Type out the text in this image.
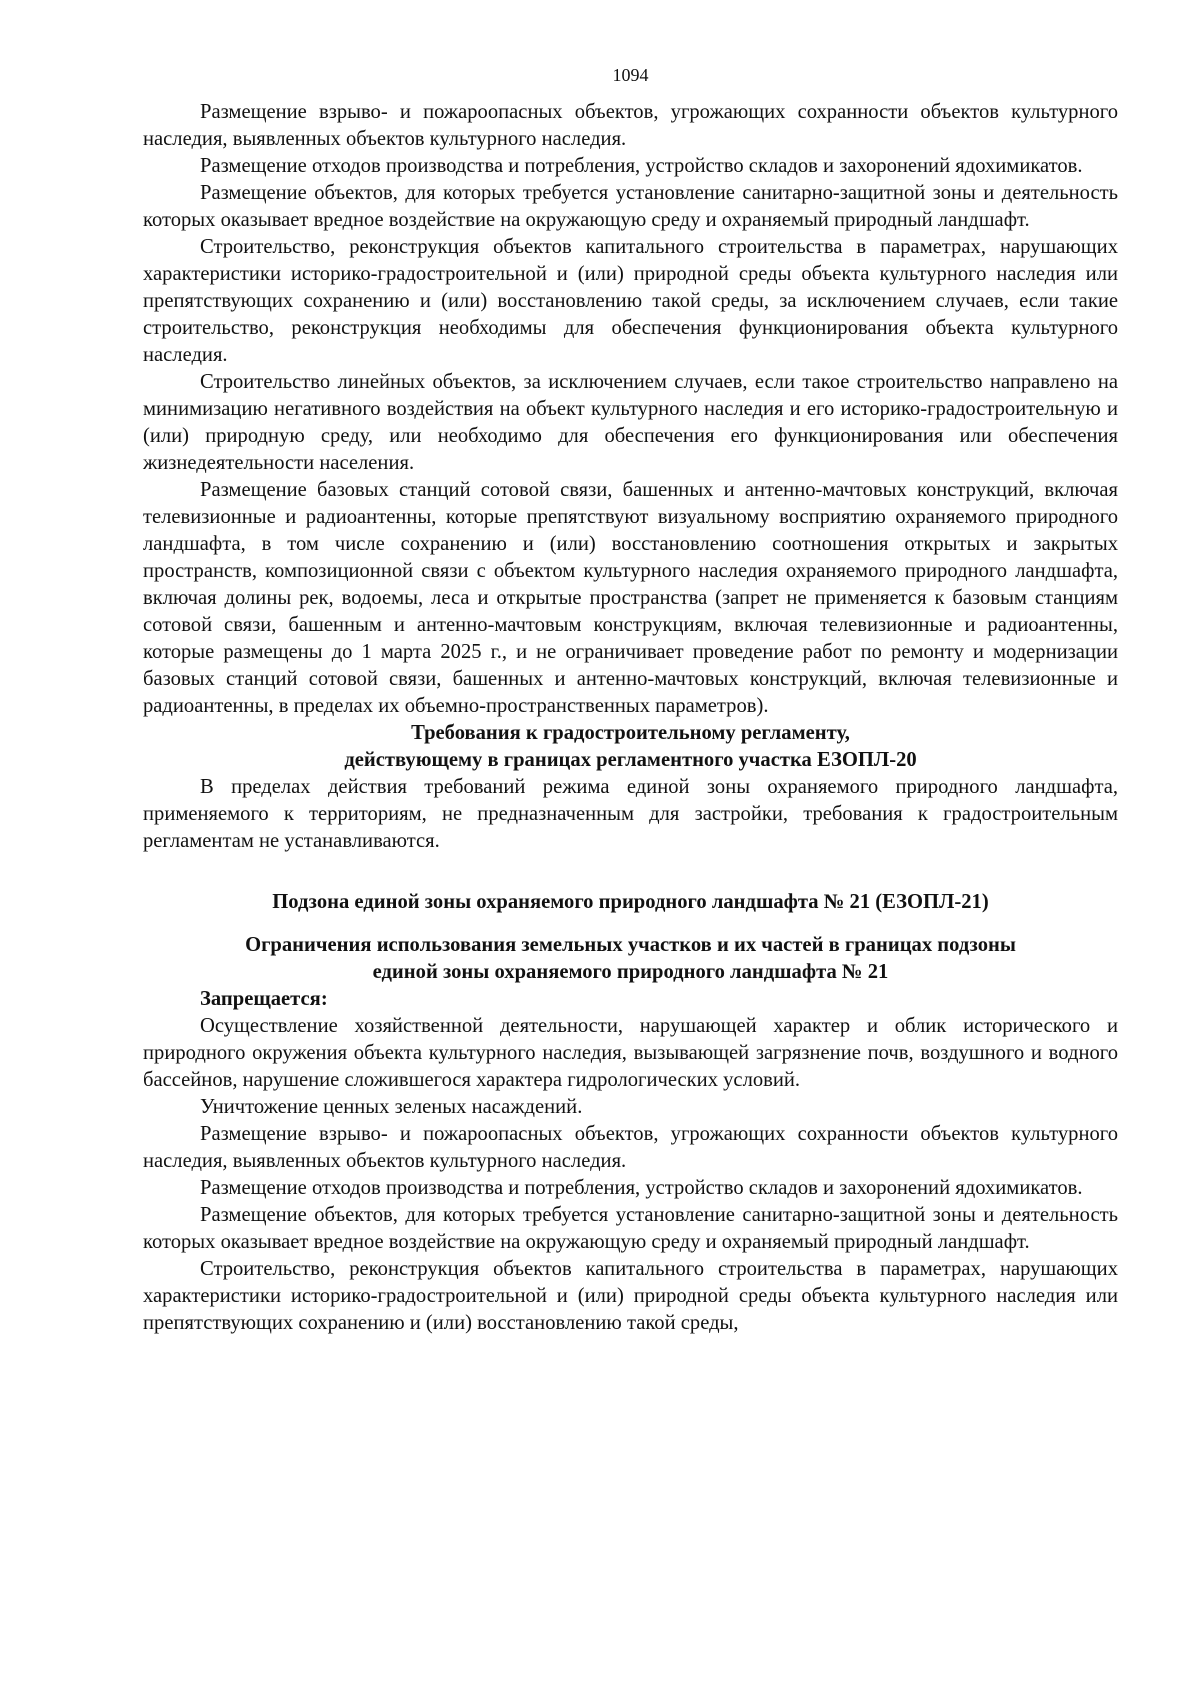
1094

Размещение взрыво- и пожароопасных объектов, угрожающих сохранности объектов культурного наследия, выявленных объектов культурного наследия.

Размещение отходов производства и потребления, устройство складов и захоронений ядохимикатов.

Размещение объектов, для которых требуется установление санитарно-защитной зоны и деятельность которых оказывает вредное воздействие на окружающую среду и охраняемый природный ландшафт.

Строительство, реконструкция объектов капитального строительства в параметрах, нарушающих характеристики историко-градостроительной и (или) природной среды объекта культурного наследия или препятствующих сохранению и (или) восстановлению такой среды, за исключением случаев, если такие строительство, реконструкция необходимы для обеспечения функционирования объекта культурного наследия.

Строительство линейных объектов, за исключением случаев, если такое строительство направлено на минимизацию негативного воздействия на объект культурного наследия и его историко-градостроительную и (или) природную среду, или необходимо для обеспечения его функционирования или обеспечения жизнедеятельности населения.

Размещение базовых станций сотовой связи, башенных и антенно-мачтовых конструкций, включая телевизионные и радиоантенны, которые препятствуют визуальному восприятию охраняемого природного ландшафта, в том числе сохранению и (или) восстановлению соотношения открытых и закрытых пространств, композиционной связи с объектом культурного наследия охраняемого природного ландшафта, включая долины рек, водоемы, леса и открытые пространства (запрет не применяется к базовым станциям сотовой связи, башенным и антенно-мачтовым конструкциям, включая телевизионные и радиоантенны, которые размещены до 1 марта 2025 г., и не ограничивает проведение работ по ремонту и модернизации базовых станций сотовой связи, башенных и антенно-мачтовых конструкций, включая телевизионные и радиоантенны, в пределах их объемно-пространственных параметров).

Требования к градостроительному регламенту,
действующему в границах регламентного участка ЕЗОПЛ-20

В пределах действия требований режима единой зоны охраняемого природного ландшафта, применяемого к территориям, не предназначенным для застройки, требования к градостроительным регламентам не устанавливаются.

Подзона единой зоны охраняемого природного ландшафта № 21 (ЕЗОПЛ-21)
Ограничения использования земельных участков и их частей в границах подзоны
единой зоны охраняемого природного ландшафта № 21
Запрещается:

Осуществление хозяйственной деятельности, нарушающей характер и облик исторического и природного окружения объекта культурного наследия, вызывающей загрязнение почв, воздушного и водного бассейнов, нарушение сложившегося характера гидрологических условий.

Уничтожение ценных зеленых насаждений.

Размещение взрыво- и пожароопасных объектов, угрожающих сохранности объектов культурного наследия, выявленных объектов культурного наследия.

Размещение отходов производства и потребления, устройство складов и захоронений ядохимикатов.

Размещение объектов, для которых требуется установление санитарно-защитной зоны и деятельность которых оказывает вредное воздействие на окружающую среду и охраняемый природный ландшафт.

Строительство, реконструкция объектов капитального строительства в параметрах, нарушающих характеристики историко-градостроительной и (или) природной среды объекта культурного наследия или препятствующих сохранению и (или) восстановлению такой среды,
